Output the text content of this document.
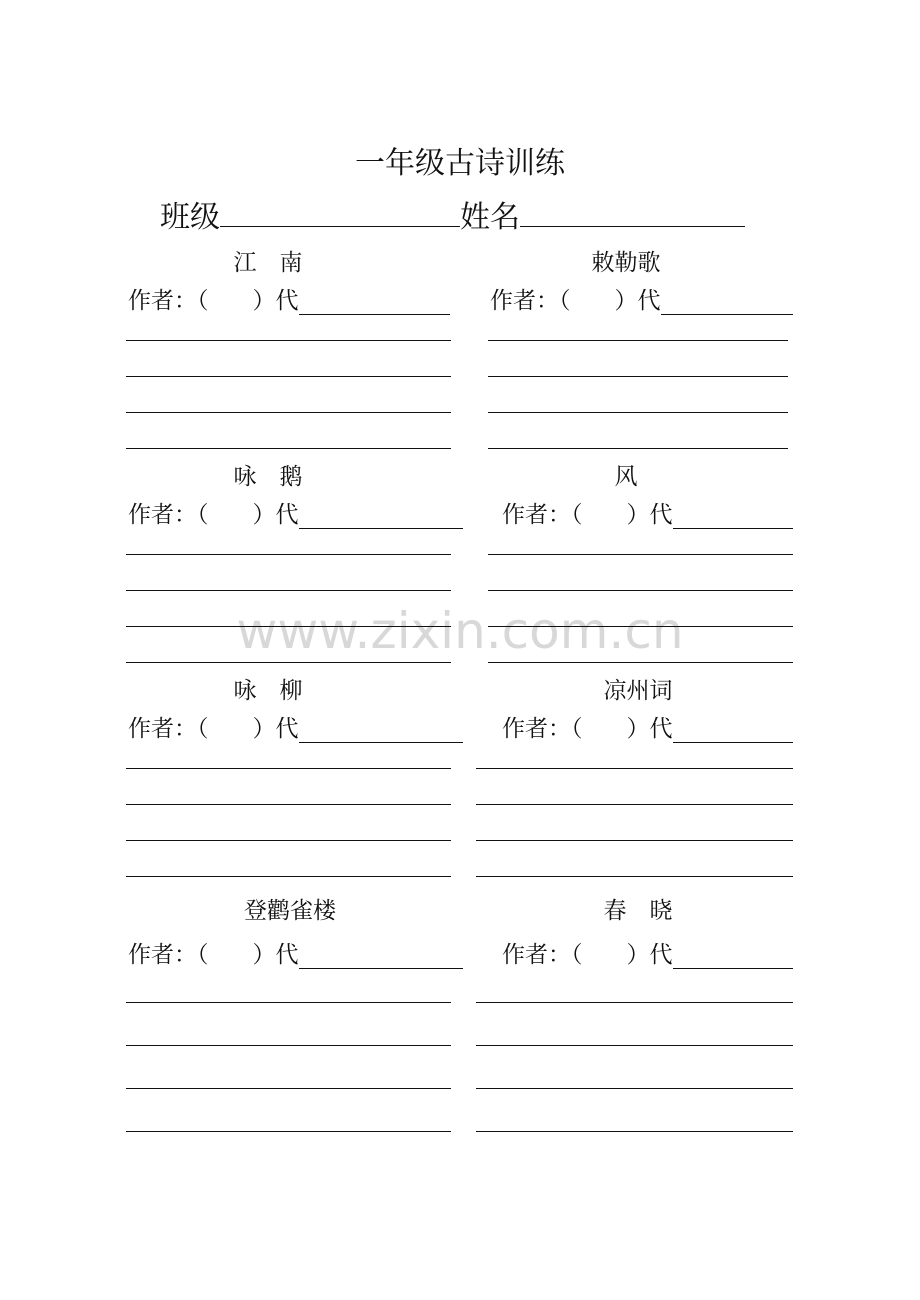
一年级古诗训练
班级	姓名
www.zixin.com.cn
江　南
作者：（ ）代
敕勒歌
作者：（ ）代
咏　鹅
作者：（ ）代
风
作者：（ ）代
咏　柳
作者：（ ）代
凉州词
作者：（ ）代
登鹳雀楼
作者：（ ）代
春　晓
作者：（ ）代
